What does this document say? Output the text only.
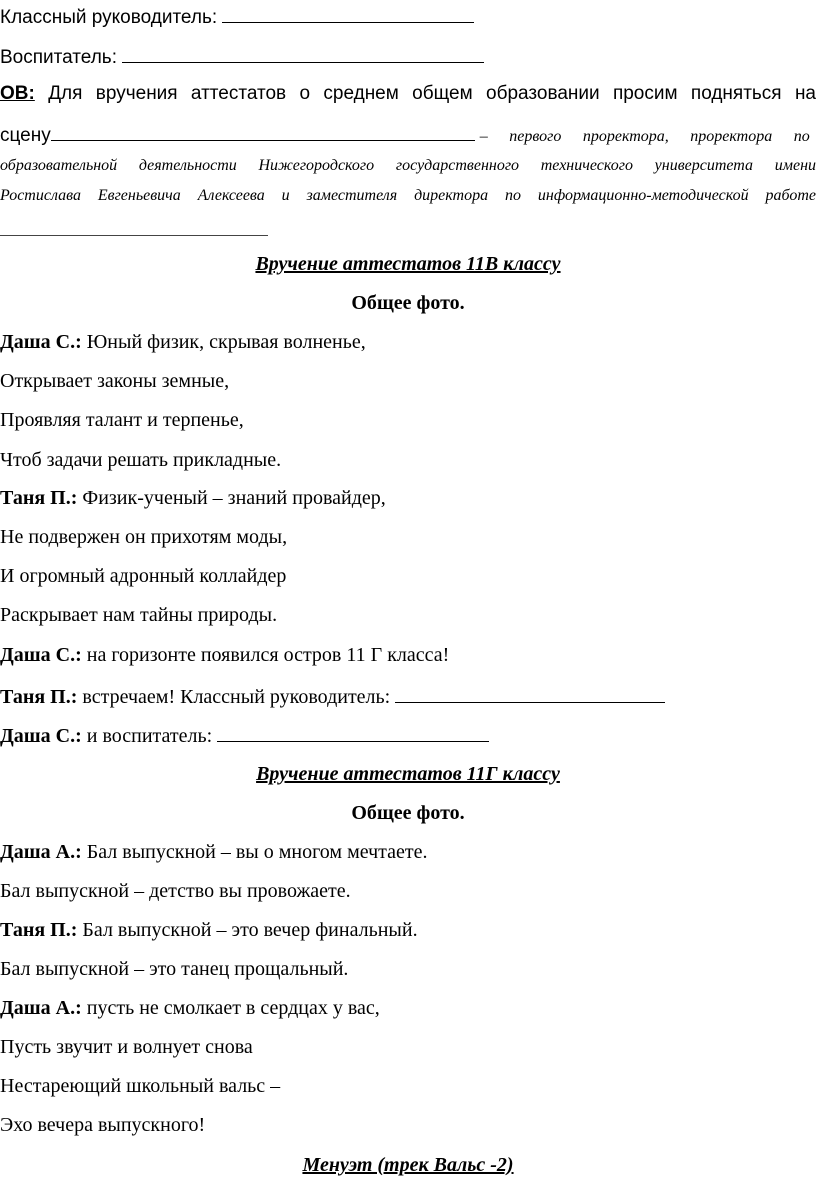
Классный руководитель:
Воспитатель:
ОВ: Для вручения аттестатов о среднем общем образовании просим подняться на
сцену	– первого проректора, проректора по
образовательной деятельности Нижегородского государственного технического университета имени
Ростислава Евгеньевича Алексеева и заместителя директора по информационно-методической работе
Вручение аттестатов 11В классу
Общее фото.
Даша С.: Юный физик, скрывая волненье,
Открывает законы земные,
Проявляя талант и терпенье,
Чтоб задачи решать прикладные.
Таня П.: Физик-ученый – знаний провайдер,
Не подвержен он прихотям моды,
И огромный адронный коллайдер
Раскрывает нам тайны природы.
Даша С.: на горизонте появился остров 11 Г класса!
Таня П.: встречаем! Классный руководитель:
Даша С.: и воспитатель:
Вручение аттестатов 11Г классу
Общее фото.
Даша А.: Бал выпускной – вы о многом мечтаете.
Бал выпускной – детство вы провожаете.
Таня П.: Бал выпускной – это вечер финальный.
Бал выпускной – это танец прощальный.
Даша А.: пусть не смолкает в сердцах у вас,
Пусть звучит и волнует снова
Нестареющий школьный вальс –
Эхо вечера выпускного!
Менуэт (трек Вальс -2)
